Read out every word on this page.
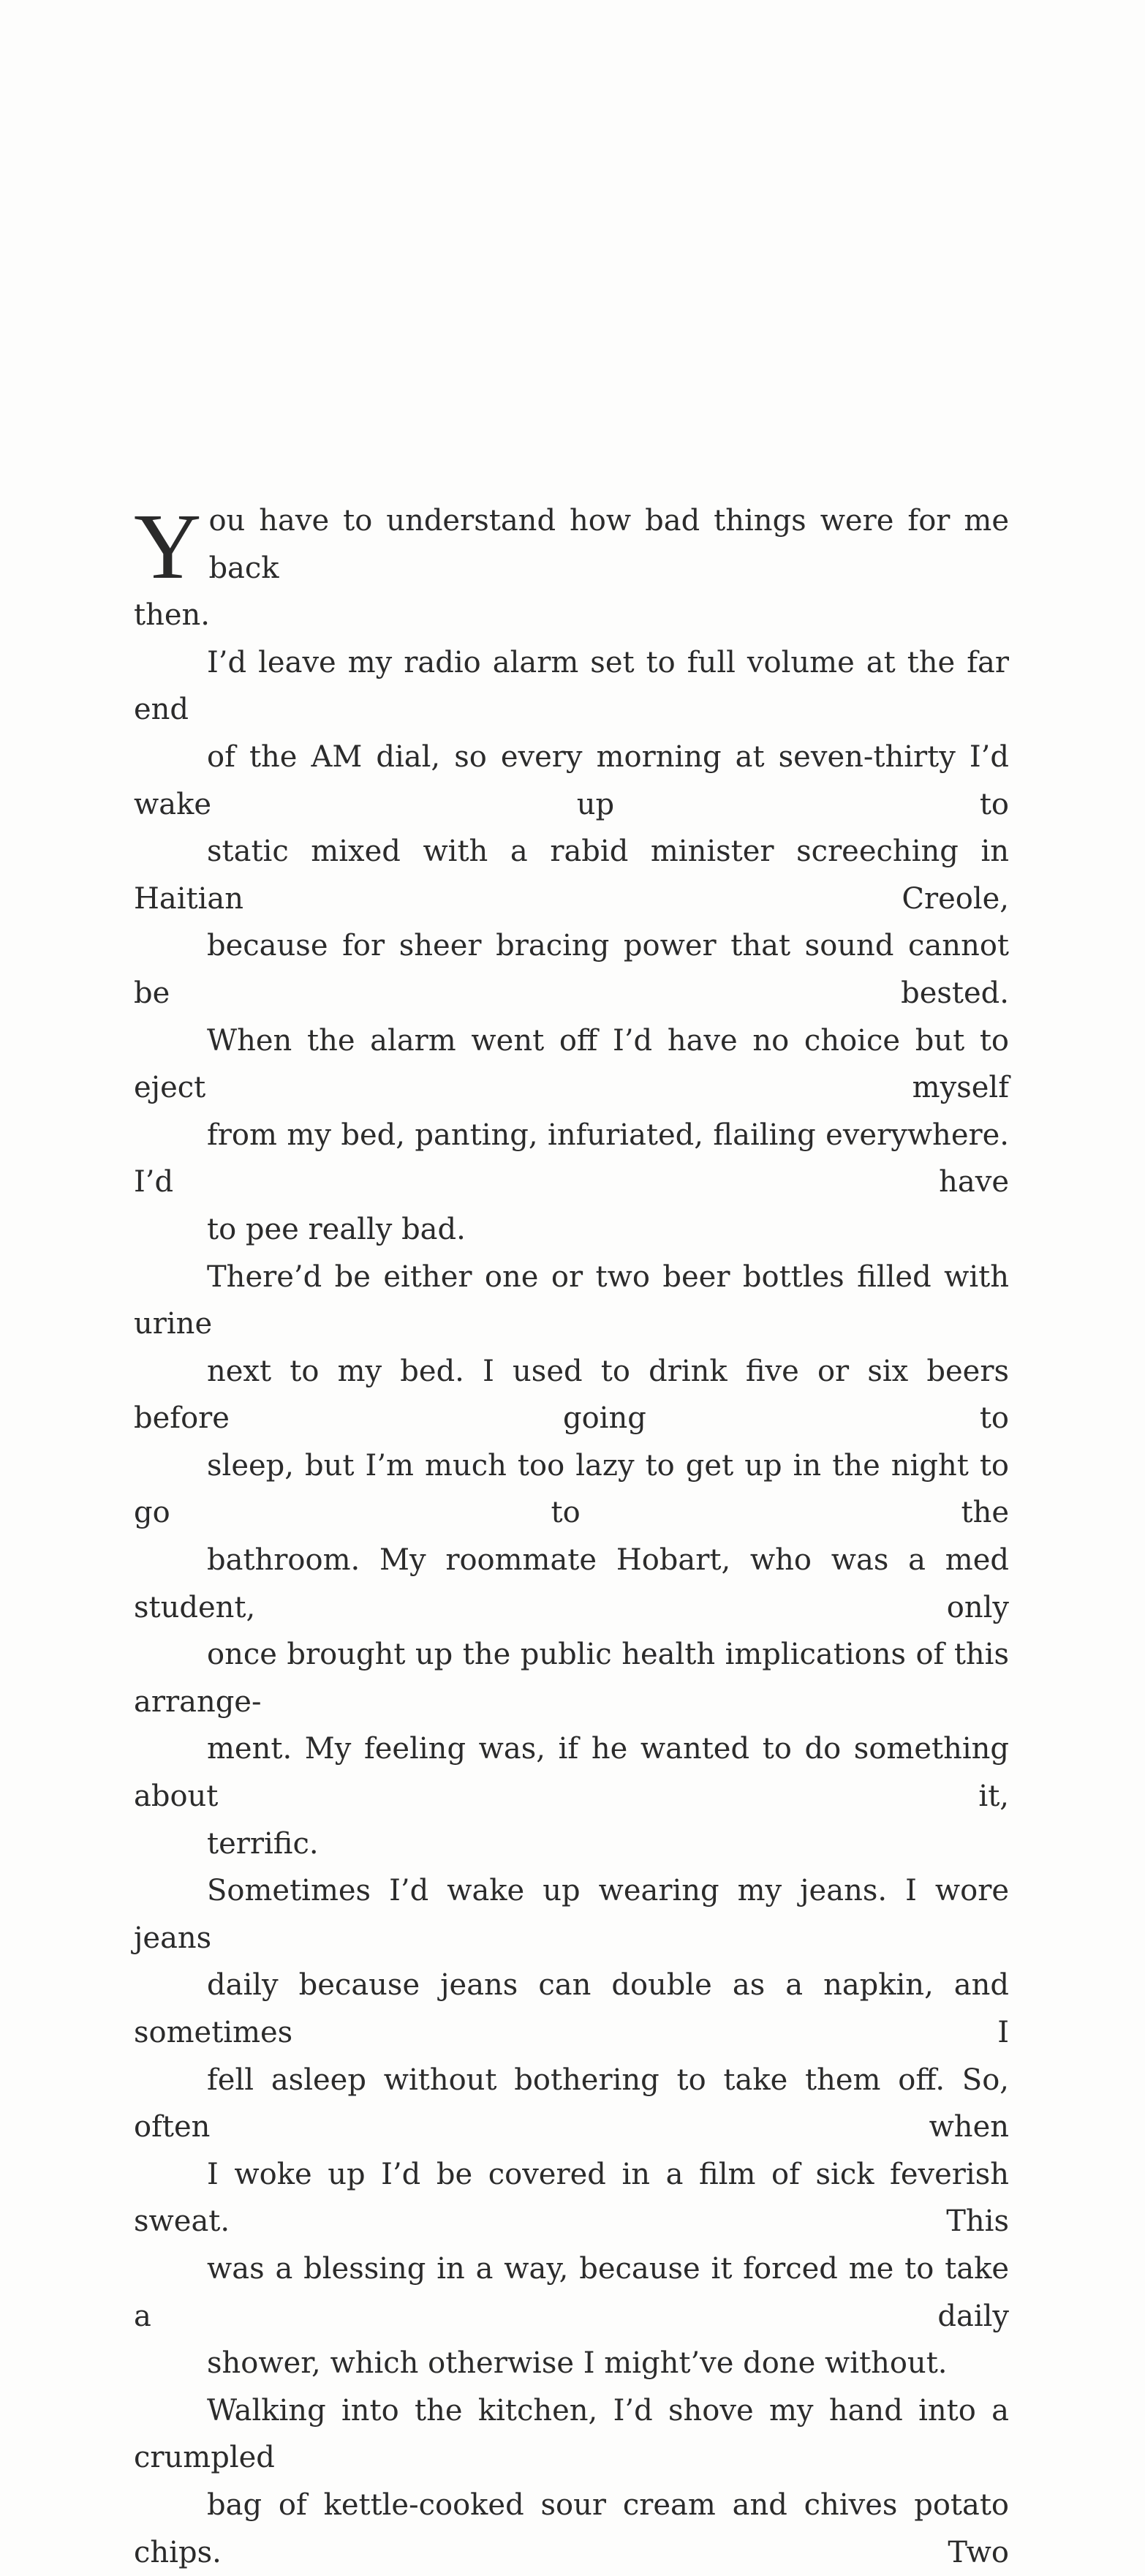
Y ou have to understand how bad things were for me back
then.

I’d leave my radio alarm set to full volume at the far end
of the AM dial, so every morning at seven-thirty I’d wake up to
static mixed with a rabid minister screeching in Haitian Creole,
because for sheer bracing power that sound cannot be bested.
When the alarm went off I’d have no choice but to eject myself
from my bed, panting, infuriated, flailing everywhere. I’d have
to pee really bad.

There’d be either one or two beer bottles filled with urine
next to my bed. I used to drink five or six beers before going to
sleep, but I’m much too lazy to get up in the night to go to the
bathroom. My roommate Hobart, who was a med student, only
once brought up the public health implications of this arrange-
ment. My feeling was, if he wanted to do something about it,
terrific.

Sometimes I’d wake up wearing my jeans. I wore jeans
daily because jeans can double as a napkin, and sometimes I
fell asleep without bothering to take them off. So, often when
I woke up I’d be covered in a film of sick feverish sweat. This
was a blessing in a way, because it forced me to take a daily
shower, which otherwise I might’ve done without.

Walking into the kitchen, I’d shove my hand into a crumpled
bag of kettle-cooked sour cream and chives potato chips. Two
